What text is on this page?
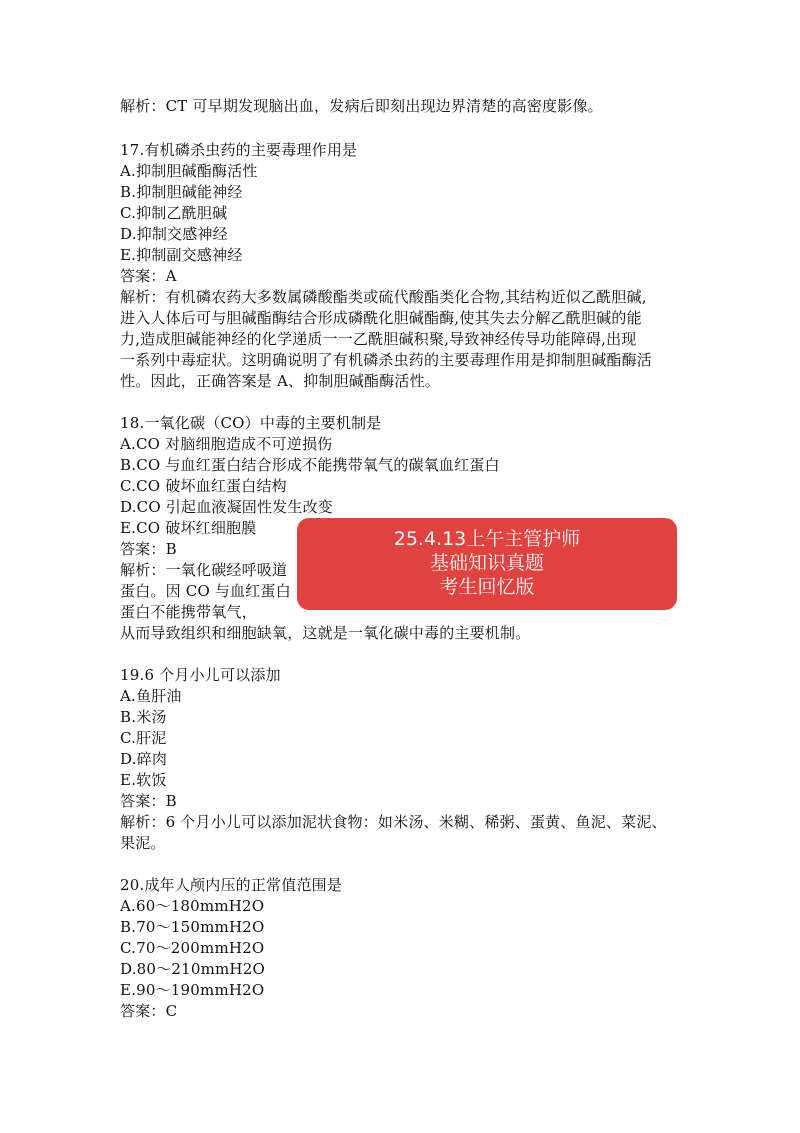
解析：CT 可早期发现脑出血，发病后即刻出现边界清楚的高密度影像。
17.有机磷杀虫药的主要毒理作用是
A.抑制胆碱酯酶活性
B.抑制胆碱能神经
C.抑制乙酰胆碱
D.抑制交感神经
E.抑制副交感神经
答案：A
解析：有机磷农药大多数属磷酸酯类或硫代酸酯类化合物,其结构近似乙酰胆碱,
进入人体后可与胆碱酯酶结合形成磷酰化胆碱酯酶,使其失去分解乙酰胆碱的能
力,造成胆碱能神经的化学递质一一乙酰胆碱积聚,导致神经传导功能障碍,出现
一系列中毒症状。这明确说明了有机磷杀虫药的主要毒理作用是抑制胆碱酯酶活
性。因此，正确答案是 A、抑制胆碱酯酶活性。
18.一氧化碳（CO）中毒的主要机制是
A.CO 对脑细胞造成不可逆损伤
B.CO 与血红蛋白结合形成不能携带氧气的碳氧血红蛋白
C.CO 破坏血红蛋白结构
D.CO 引起血液凝固性发生改变
E.CO 破坏红细胞膜
答案：B
解析：一氧化碳经呼吸道
蛋白。因 CO 与血红蛋白
蛋白不能携带氧气，
从而导致组织和细胞缺氧，这就是一氧化碳中毒的主要机制。
19.6 个月小儿可以添加
A.鱼肝油
B.米汤
C.肝泥
D.碎肉
E.软饭
答案：B
解析：6 个月小儿可以添加泥状食物：如米汤、米糊、稀粥、蛋黄、鱼泥、菜泥、
果泥。
20.成年人颅内压的正常值范围是
A.60～180mmH2O
B.70～150mmH2O
C.70～200mmH2O
D.80～210mmH2O
E.90～190mmH2O
答案：C
25.4.13上午主管护师
基础知识真题
考生回忆版
